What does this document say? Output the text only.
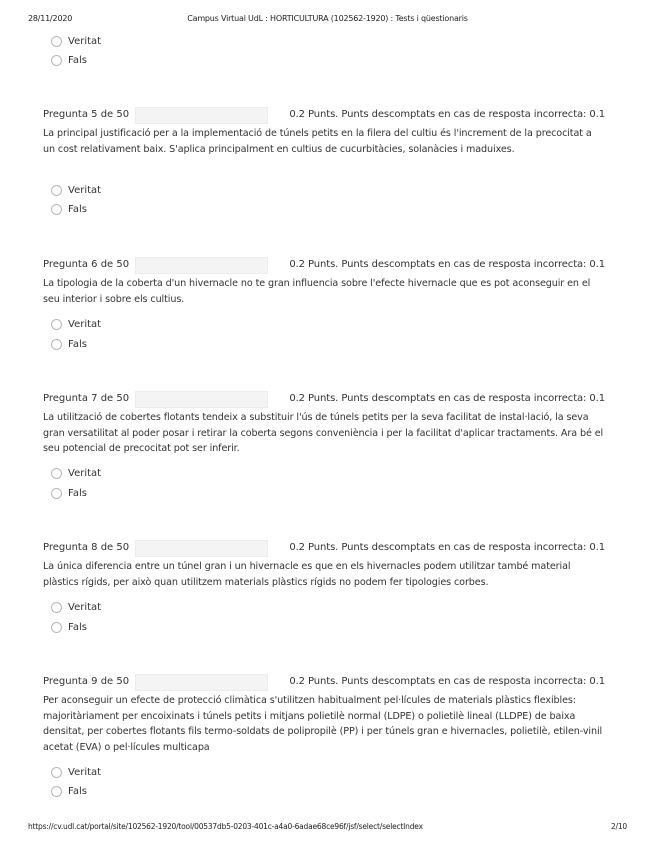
28/11/2020	Campus Virtual UdL : HORTICULTURA (102562-1920) : Tests i qüestionaris
Veritat
Fals
Pregunta 5 de 50	0.2 Punts. Punts descomptats en cas de resposta incorrecta: 0.1
La principal justificació per a la implementació de túnels petits en la filera del cultiu és l'increment de la precocitat a un cost relativament baix. S'aplica principalment en cultius de cucurbitàcies, solanàcies i maduixes.
Veritat
Fals
Pregunta 6 de 50	0.2 Punts. Punts descomptats en cas de resposta incorrecta: 0.1
La tipologia de la coberta d'un hivernacle no te gran influencia sobre l'efecte hivernacle que es pot aconseguir en el seu interior i sobre els cultius.
Veritat
Fals
Pregunta 7 de 50	0.2 Punts. Punts descomptats en cas de resposta incorrecta: 0.1
La utilització de cobertes flotants tendeix a substituir l'ús de túnels petits per la seva facilitat de instal·lació, la seva gran versatilitat al poder posar i retirar la coberta segons conveniència i per la facilitat d'aplicar tractaments. Ara bé el seu potencial de precocitat pot ser inferir.
Veritat
Fals
Pregunta 8 de 50	0.2 Punts. Punts descomptats en cas de resposta incorrecta: 0.1
La única diferencia entre un túnel gran i un hivernacle es que en els hivernacles podem utilitzar també material plàstics rígids, per això quan utilitzem materials plàstics rígids no podem fer tipologies corbes.
Veritat
Fals
Pregunta 9 de 50	0.2 Punts. Punts descomptats en cas de resposta incorrecta: 0.1
Per aconseguir un efecte de protecció climàtica s'utilitzen habitualment pel·lícules de materials plàstics flexibles: majoritàriament per encoixinats i túnels petits i mitjans polietilè normal (LDPE) o polietilè lineal (LLDPE) de baixa densitat, per cobertes flotants fils termo-soldats de polipropilè (PP) i per túnels gran e hivernacles, polietilè, etilen-vinil acetat (EVA) o pel·lícules multicapa
Veritat
Fals
https://cv.udl.cat/portal/site/102562-1920/tool/00537db5-0203-401c-a4a0-6adae68ce96f/jsf/select/selectIndex	2/10
